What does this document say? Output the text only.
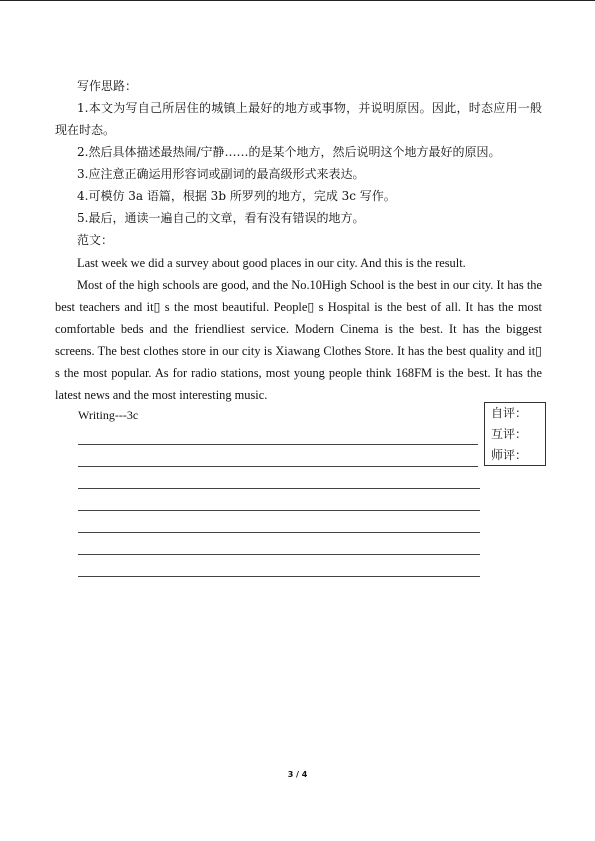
写作思路：

1.本文为写自己所居住的城镇上最好的地方或事物，并说明原因。因此，时态应用一般现在时态。

2.然后具体描述最热闹/宁静……的是某个地方，然后说明这个地方最好的原因。

3.应注意正确运用形容词或副词的最高级形式来表达。

4.可模仿 3a 语篇，根据 3b 所罗列的地方，完成 3c 写作。

5.最后，通读一遍自己的文章，看有没有错误的地方。

范文：

Last week we did a survey about good places in our city. And this is the result.

Most of the high schools are good, and the No.10High School is the best in our city. It has the best teachers and it▯ s the most beautiful. People▯ s Hospital is the best of all. It has the most comfortable beds and the friendliest service. Modern Cinema is the best. It has the biggest screens. The best clothes store in our city is Xiawang Clothes Store. It has the best quality and it▯ s the most popular. As for radio stations, most young people think 168FM is the best. It has the latest news and the most interesting music.

Writing---3c	自评：
互评：
师评：
3 / 4
